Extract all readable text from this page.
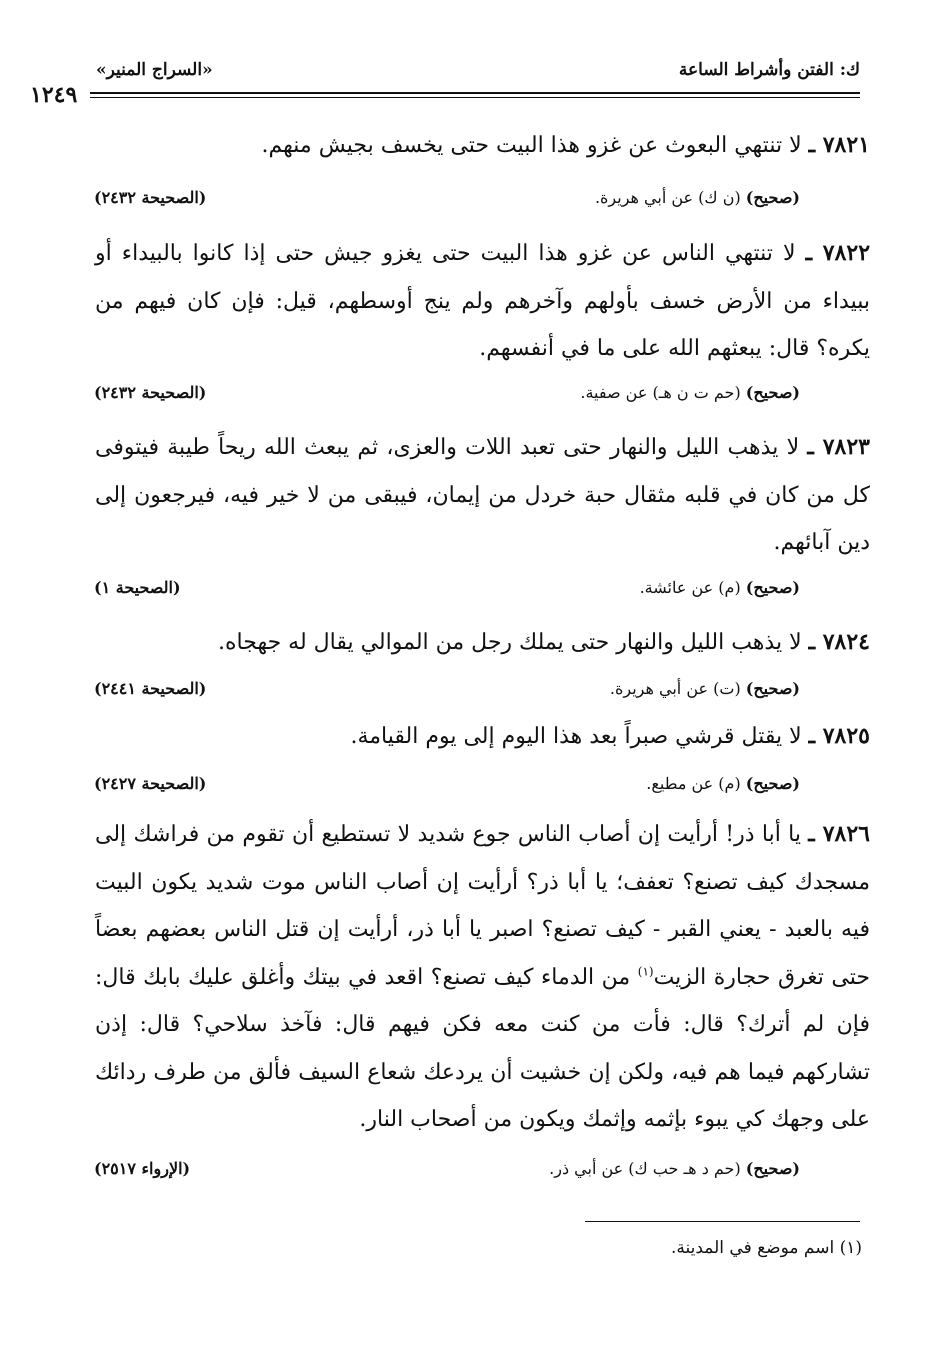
ك: الفتن وأشراط الساعة
«السراج المنير»
١٢٤٩
٧٨٢١ ـ لا تنتهي البعوث عن غزو هذا البيت حتى يخسف بجيش منهم.
(صحيح) (ن ك) عن أبي هريرة.
(الصحيحة ٢٤٣٢)
٧٨٢٢ ـ لا تنتهي الناس عن غزو هذا البيت حتى يغزو جيش حتى إذا كانوا بالبيداء أو ببيداء من الأرض خسف بأولهم وآخرهم ولم ينج أوسطهم، قيل: فإن كان فيهم من يكره؟ قال: يبعثهم الله على ما في أنفسهم.
(صحيح) (حم ت ن هـ) عن صفية.
(الصحيحة ٢٤٣٢)
٧٨٢٣ ـ لا يذهب الليل والنهار حتى تعبد اللات والعزى، ثم يبعث الله ريحاً طيبة فيتوفى كل من كان في قلبه مثقال حبة خردل من إيمان، فيبقى من لا خير فيه، فيرجعون إلى دين آبائهم.
(صحيح) (م) عن عائشة.
(الصحيحة ١)
٧٨٢٤ ـ لا يذهب الليل والنهار حتى يملك رجل من الموالي يقال له جهجاه.
(صحيح) (ت) عن أبي هريرة.
(الصحيحة ٢٤٤١)
٧٨٢٥ ـ لا يقتل قرشي صبراً بعد هذا اليوم إلى يوم القيامة.
(صحيح) (م) عن مطيع.
(الصحيحة ٢٤٢٧)
٧٨٢٦ ـ يا أبا ذر! أرأيت إن أصاب الناس جوع شديد لا تستطيع أن تقوم من فراشك إلى مسجدك كيف تصنع؟ تعفف؛ يا أبا ذر؟ أرأيت إن أصاب الناس موت شديد يكون البيت فيه بالعبد - يعني القبر - كيف تصنع؟ اصبر يا أبا ذر، أرأيت إن قتل الناس بعضهم بعضاً حتى تغرق حجارة الزيت$^{(١)}$ من الدماء كيف تصنع؟ اقعد في بيتك وأغلق عليك بابك قال: فإن لم أترك؟ قال: فأت من كنت معه فكن فيهم قال: فآخذ سلاحي؟ قال: إذن تشاركهم فيما هم فيه، ولكن إن خشيت أن يردعك شعاع السيف فألق من طرف ردائك على وجهك كي يبوء بإثمه وإثمك ويكون من أصحاب النار.
(صحيح) (حم د هـ حب ك) عن أبي ذر.
(الإرواء ٢٥١٧)
(١) اسم موضع في المدينة.
